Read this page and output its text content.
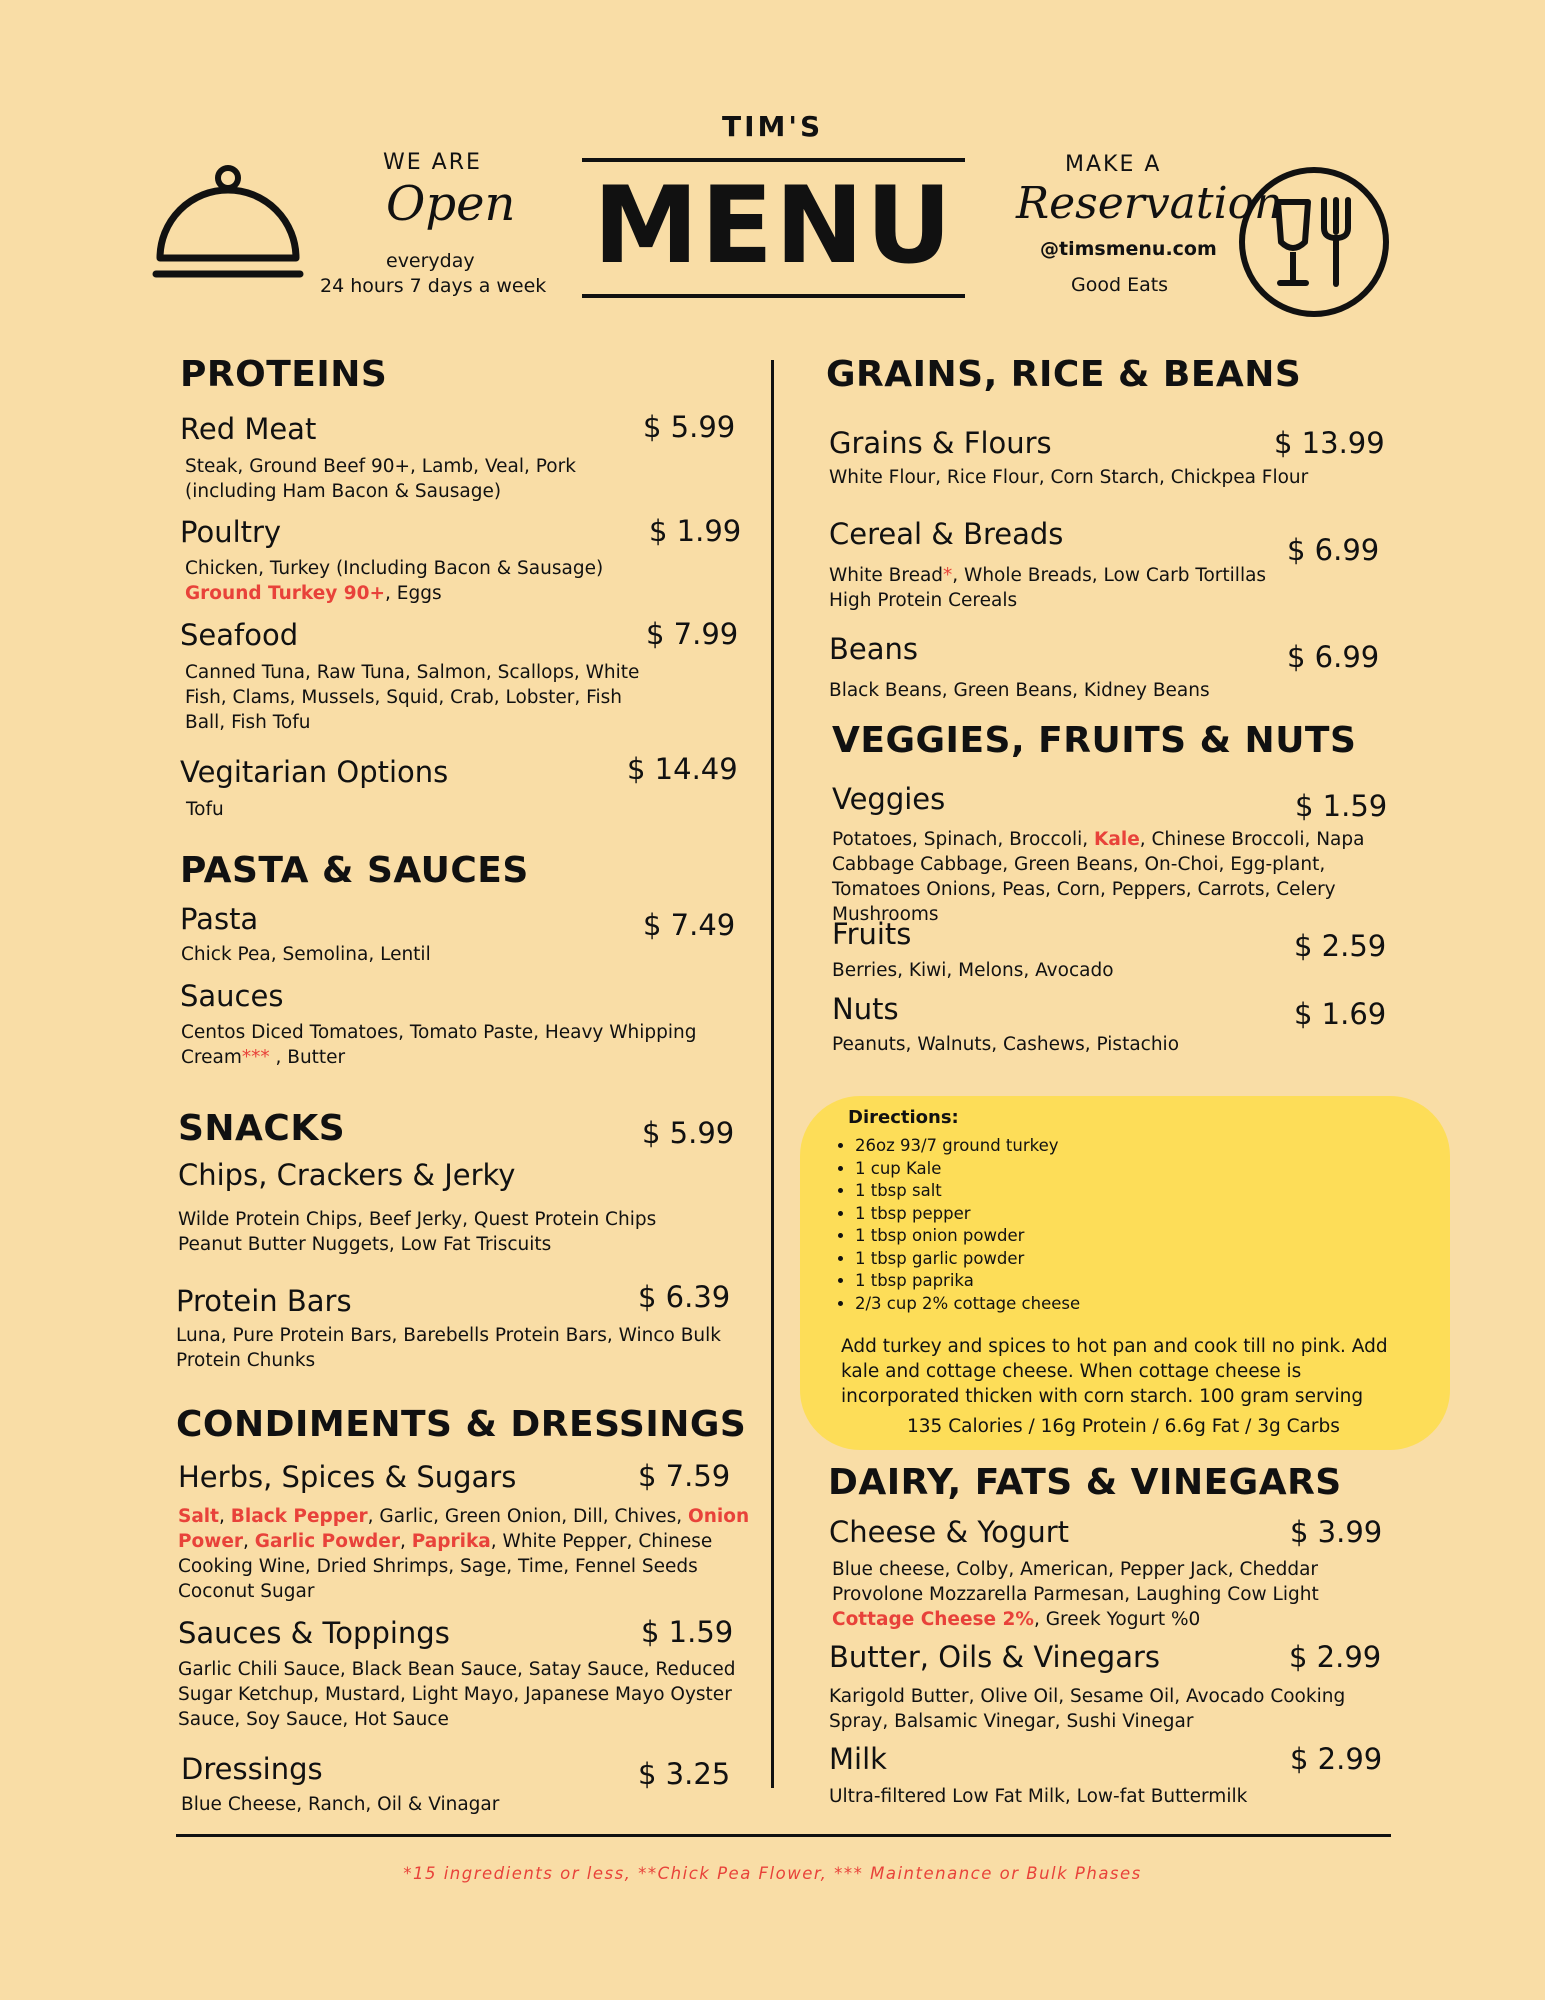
WE ARE
Open
everyday
24 hours 7 days a week
TIM'S
MENU	MAKE A
Reservation
@timsmenu.com
Good Eats
PROTEINS
Red Meat	$ 5.99
Steak, Ground Beef 90+, Lamb, Veal, Pork
(including Ham Bacon & Sausage)
Poultry	$ 1.99
Chicken, Turkey (Including Bacon & Sausage)
Ground Turkey 90+, Eggs
Seafood	$ 7.99
Canned Tuna, Raw Tuna, Salmon, Scallops, White
Fish, Clams, Mussels, Squid, Crab, Lobster, Fish
Ball, Fish Tofu
Vegitarian Options	$ 14.49
Tofu
PASTA & SAUCES
Pasta	$ 7.49
Chick Pea, Semolina, Lentil
Sauces
Centos Diced Tomatoes, Tomato Paste, Heavy Whipping
Cream*** , Butter
SNACKS	$ 5.99
Chips, Crackers & Jerky
Wilde Protein Chips, Beef Jerky, Quest Protein Chips
Peanut Butter Nuggets, Low Fat Triscuits
Protein Bars	$ 6.39
Luna, Pure Protein Bars, Barebells Protein Bars, Winco Bulk
Protein Chunks
CONDIMENTS & DRESSINGS
Herbs, Spices & Sugars	$ 7.59
Salt, Black Pepper, Garlic, Green Onion, Dill, Chives, Onion
Power, Garlic Powder, Paprika, White Pepper, Chinese
Cooking Wine, Dried Shrimps, Sage, Time, Fennel Seeds
Coconut Sugar
Sauces & Toppings	$ 1.59
Garlic Chili Sauce, Black Bean Sauce, Satay Sauce, Reduced
Sugar Ketchup, Mustard, Light Mayo, Japanese Mayo Oyster
Sauce, Soy Sauce, Hot Sauce
Dressings	$ 3.25
Blue Cheese, Ranch, Oil & Vinagar
GRAINS, RICE & BEANS
Grains & Flours	$ 13.99
White Flour, Rice Flour, Corn Starch, Chickpea Flour
Cereal & Breads	$ 6.99
White Bread*, Whole Breads, Low Carb Tortillas
High Protein Cereals
Beans	$ 6.99
Black Beans, Green Beans, Kidney Beans
VEGGIES, FRUITS & NUTS
Veggies	$ 1.59
Potatoes, Spinach, Broccoli, Kale, Chinese Broccoli, Napa
Cabbage Cabbage, Green Beans, On-Choi, Egg-plant,
Tomatoes Onions, Peas, Corn, Peppers, Carrots, Celery
Mushrooms
Fruits	$ 2.59
Berries, Kiwi, Melons, Avocado
Nuts	$ 1.69
Peanuts, Walnuts, Cashews, Pistachio
Directions:
• 26oz 93/7 ground turkey
• 1 cup Kale
• 1 tbsp salt
• 1 tbsp pepper
• 1 tbsp onion powder
• 1 tbsp garlic powder
• 1 tbsp paprika
• 2/3 cup 2% cottage cheese
Add turkey and spices to hot pan and cook till no pink. Add
kale and cottage cheese. When cottage cheese is
incorporated thicken with corn starch. 100 gram serving
135 Calories / 16g Protein / 6.6g Fat / 3g Carbs
DAIRY, FATS & VINEGARS
Cheese & Yogurt	$ 3.99
Blue cheese, Colby, American, Pepper Jack, Cheddar
Provolone Mozzarella Parmesan, Laughing Cow Light
Cottage Cheese 2%, Greek Yogurt %0
Butter, Oils & Vinegars	$ 2.99
Karigold Butter, Olive Oil, Sesame Oil, Avocado Cooking
Spray, Balsamic Vinegar, Sushi Vinegar
Milk	$ 2.99
Ultra-filtered Low Fat Milk, Low-fat Buttermilk
*15 ingredients or less, **Chick Pea Flower, *** Maintenance or Bulk Phases
